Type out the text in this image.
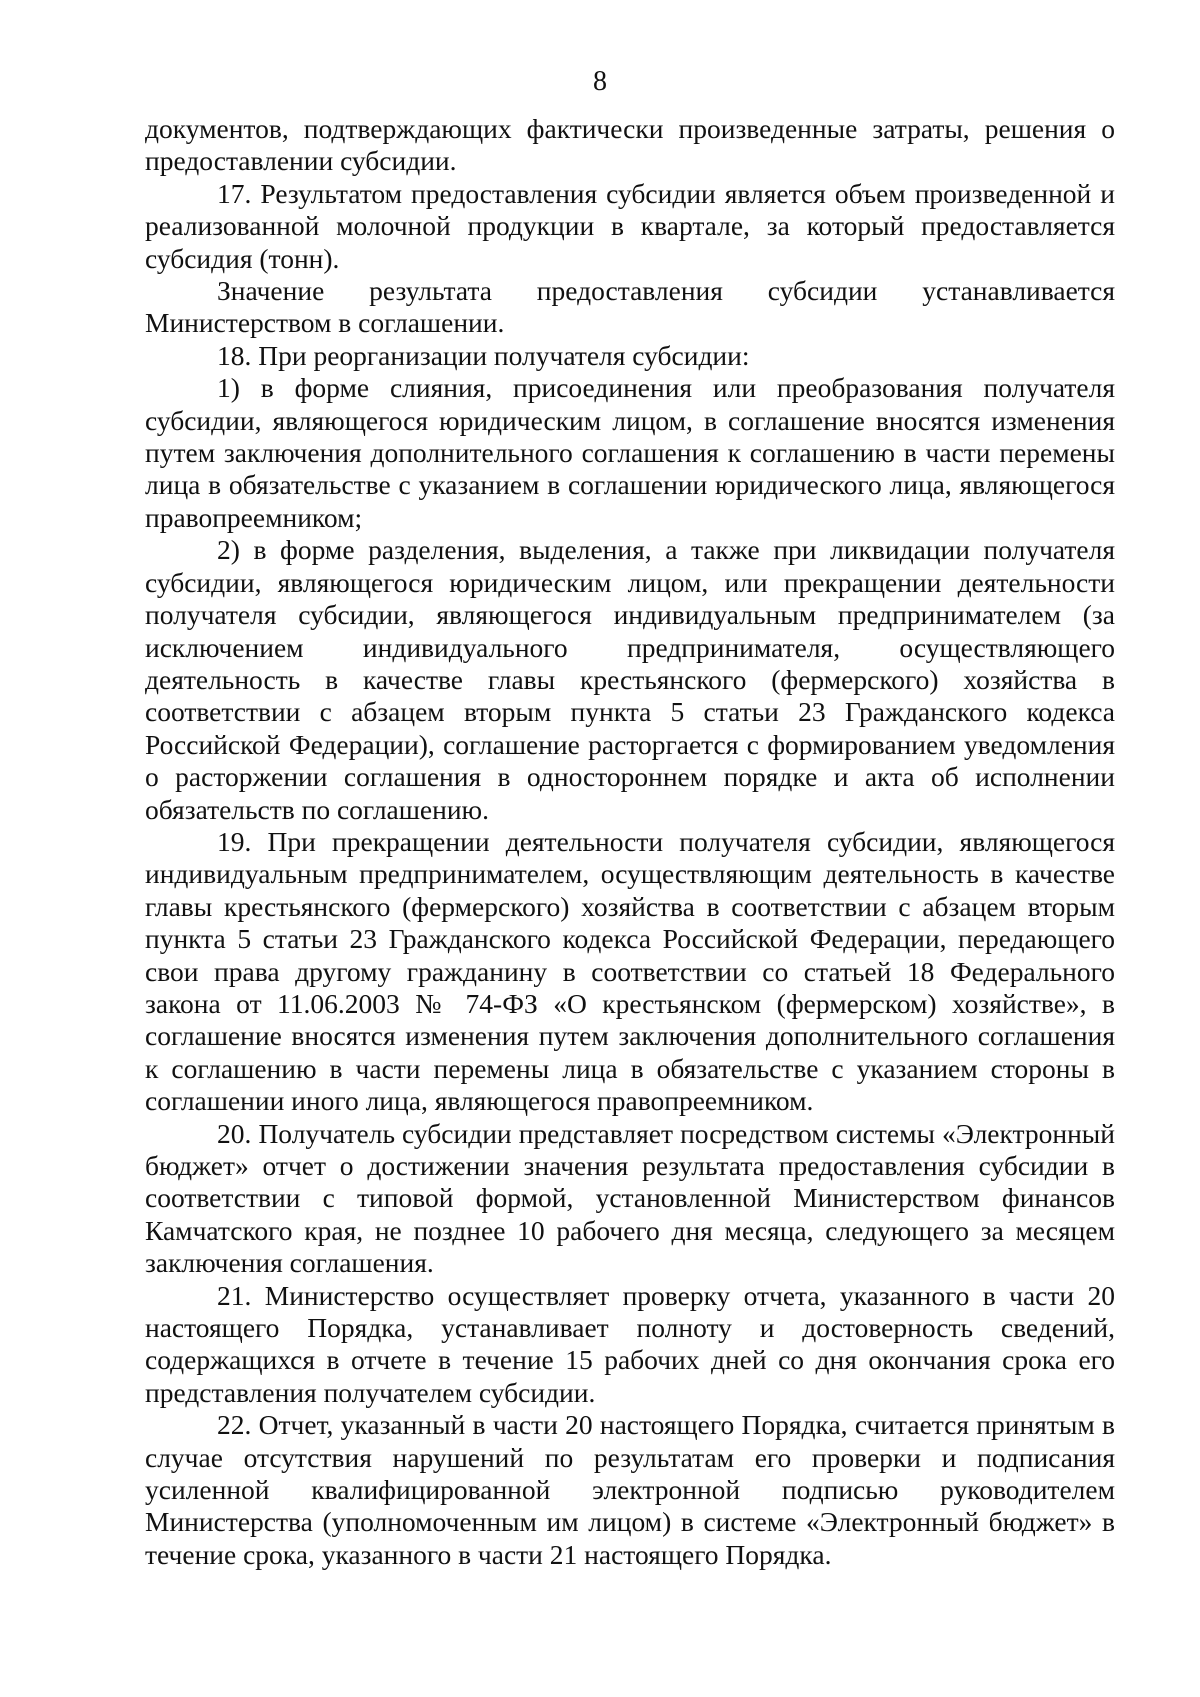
8

документов, подтверждающих фактически произведенные затраты, решения о предоставлении субсидии.

17. Результатом предоставления субсидии является объем произведенной и реализованной молочной продукции в квартале, за который предоставляется субсидия (тонн).

Значение результата предоставления субсидии устанавливается Министерством в соглашении.

18. При реорганизации получателя субсидии:

1) в форме слияния, присоединения или преобразования получателя субсидии, являющегося юридическим лицом, в соглашение вносятся изменения путем заключения дополнительного соглашения к соглашению в части перемены лица в обязательстве с указанием в соглашении юридического лица, являющегося правопреемником;

2) в форме разделения, выделения, а также при ликвидации получателя субсидии, являющегося юридическим лицом, или прекращении деятельности получателя субсидии, являющегося индивидуальным предпринимателем (за исключением индивидуального предпринимателя, осуществляющего деятельность в качестве главы крестьянского (фермерского) хозяйства в соответствии с абзацем вторым пункта 5 статьи 23 Гражданского кодекса Российской Федерации), соглашение расторгается с формированием уведомления о расторжении соглашения в одностороннем порядке и акта об исполнении обязательств по соглашению.

19. При прекращении деятельности получателя субсидии, являющегося индивидуальным предпринимателем, осуществляющим деятельность в качестве главы крестьянского (фермерского) хозяйства в соответствии с абзацем вторым пункта 5 статьи 23 Гражданского кодекса Российской Федерации, передающего свои права другому гражданину в соответствии со статьей 18 Федерального закона от 11.06.2003 № 74-ФЗ «О крестьянском (фермерском) хозяйстве», в соглашение вносятся изменения путем заключения дополнительного соглашения к соглашению в части перемены лица в обязательстве с указанием стороны в соглашении иного лица, являющегося правопреемником.

20. Получатель субсидии представляет посредством системы «Электронный бюджет» отчет о достижении значения результата предоставления субсидии в соответствии с типовой формой, установленной Министерством финансов Камчатского края, не позднее 10 рабочего дня месяца, следующего за месяцем заключения соглашения.

21. Министерство осуществляет проверку отчета, указанного в части 20 настоящего Порядка, устанавливает полноту и достоверность сведений, содержащихся в отчете в течение 15 рабочих дней со дня окончания срока его представления получателем субсидии.

22. Отчет, указанный в части 20 настоящего Порядка, считается принятым в случае отсутствия нарушений по результатам его проверки и подписания усиленной квалифицированной электронной подписью руководителем Министерства (уполномоченным им лицом) в системе «Электронный бюджет» в течение срока, указанного в части 21 настоящего Порядка.
